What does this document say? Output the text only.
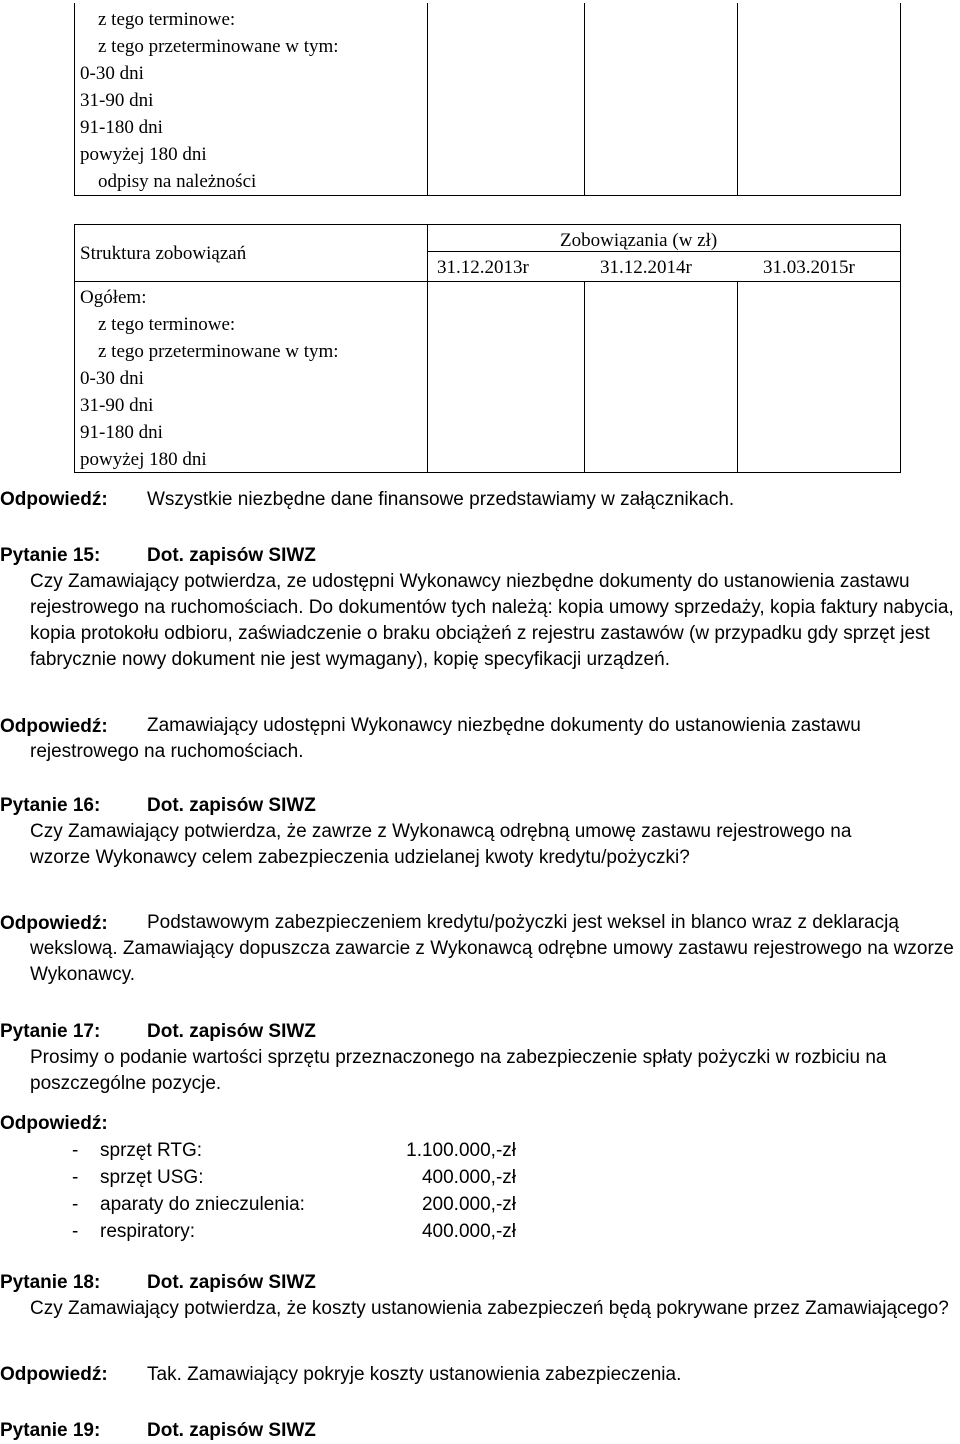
z tego terminowe:
z tego przeterminowane w tym:
0-30 dni
31-90 dni
91-180 dni
powyżej 180 dni
odpisy na należności
Struktura zobowiązań
Zobowiązania (w zł)
31.12.2013r	31.12.2014r	31.03.2015r
Ogółem:
z tego terminowe:
z tego przeterminowane w tym:
0-30 dni
31-90 dni
91-180 dni
powyżej 180 dni
Odpowiedź: Wszystkie niezbędne dane finansowe przedstawiamy w załącznikach.
Pytanie 15: Dot. zapisów SIWZ
Czy Zamawiający potwierdza, ze udostępni Wykonawcy niezbędne dokumenty do ustanowienia zastawu rejestrowego na ruchomościach. Do dokumentów tych należą: kopia umowy sprzedaży, kopia faktury nabycia, kopia protokołu odbioru, zaświadczenie o braku obciążeń z rejestru zastawów (w przypadku gdy sprzęt jest fabrycznie nowy dokument nie jest wymagany), kopię specyfikacji urządzeń.
Odpowiedź:	Zamawiający udostępni Wykonawcy niezbędne dokumenty do ustanowienia zastawu rejestrowego na ruchomościach.
Pytanie 16: Dot. zapisów SIWZ
Czy Zamawiający potwierdza, że zawrze z Wykonawcą odrębną umowę zastawu rejestrowego na wzorze Wykonawcy celem zabezpieczenia udzielanej kwoty kredytu/pożyczki?
Odpowiedź:	Podstawowym zabezpieczeniem kredytu/pożyczki jest weksel in blanco wraz z deklaracją wekslową. Zamawiający dopuszcza zawarcie z Wykonawcą odrębne umowy zastawu rejestrowego na wzorze Wykonawcy.
Pytanie 17: Dot. zapisów SIWZ
Prosimy o podanie wartości sprzętu przeznaczonego na zabezpieczenie spłaty pożyczki w rozbiciu na poszczególne pozycje.
Odpowiedź:
- sprzęt RTG:	1.100.000,-zł
- sprzęt USG:	400.000,-zł
- aparaty do znieczulenia:	200.000,-zł
- respiratory:	400.000,-zł
Pytanie 18: Dot. zapisów SIWZ
Czy Zamawiający potwierdza, że koszty ustanowienia zabezpieczeń będą pokrywane przez Zamawiającego?
Odpowiedź: Tak. Zamawiający pokryje koszty ustanowienia zabezpieczenia.
Pytanie 19: Dot. zapisów SIWZ
